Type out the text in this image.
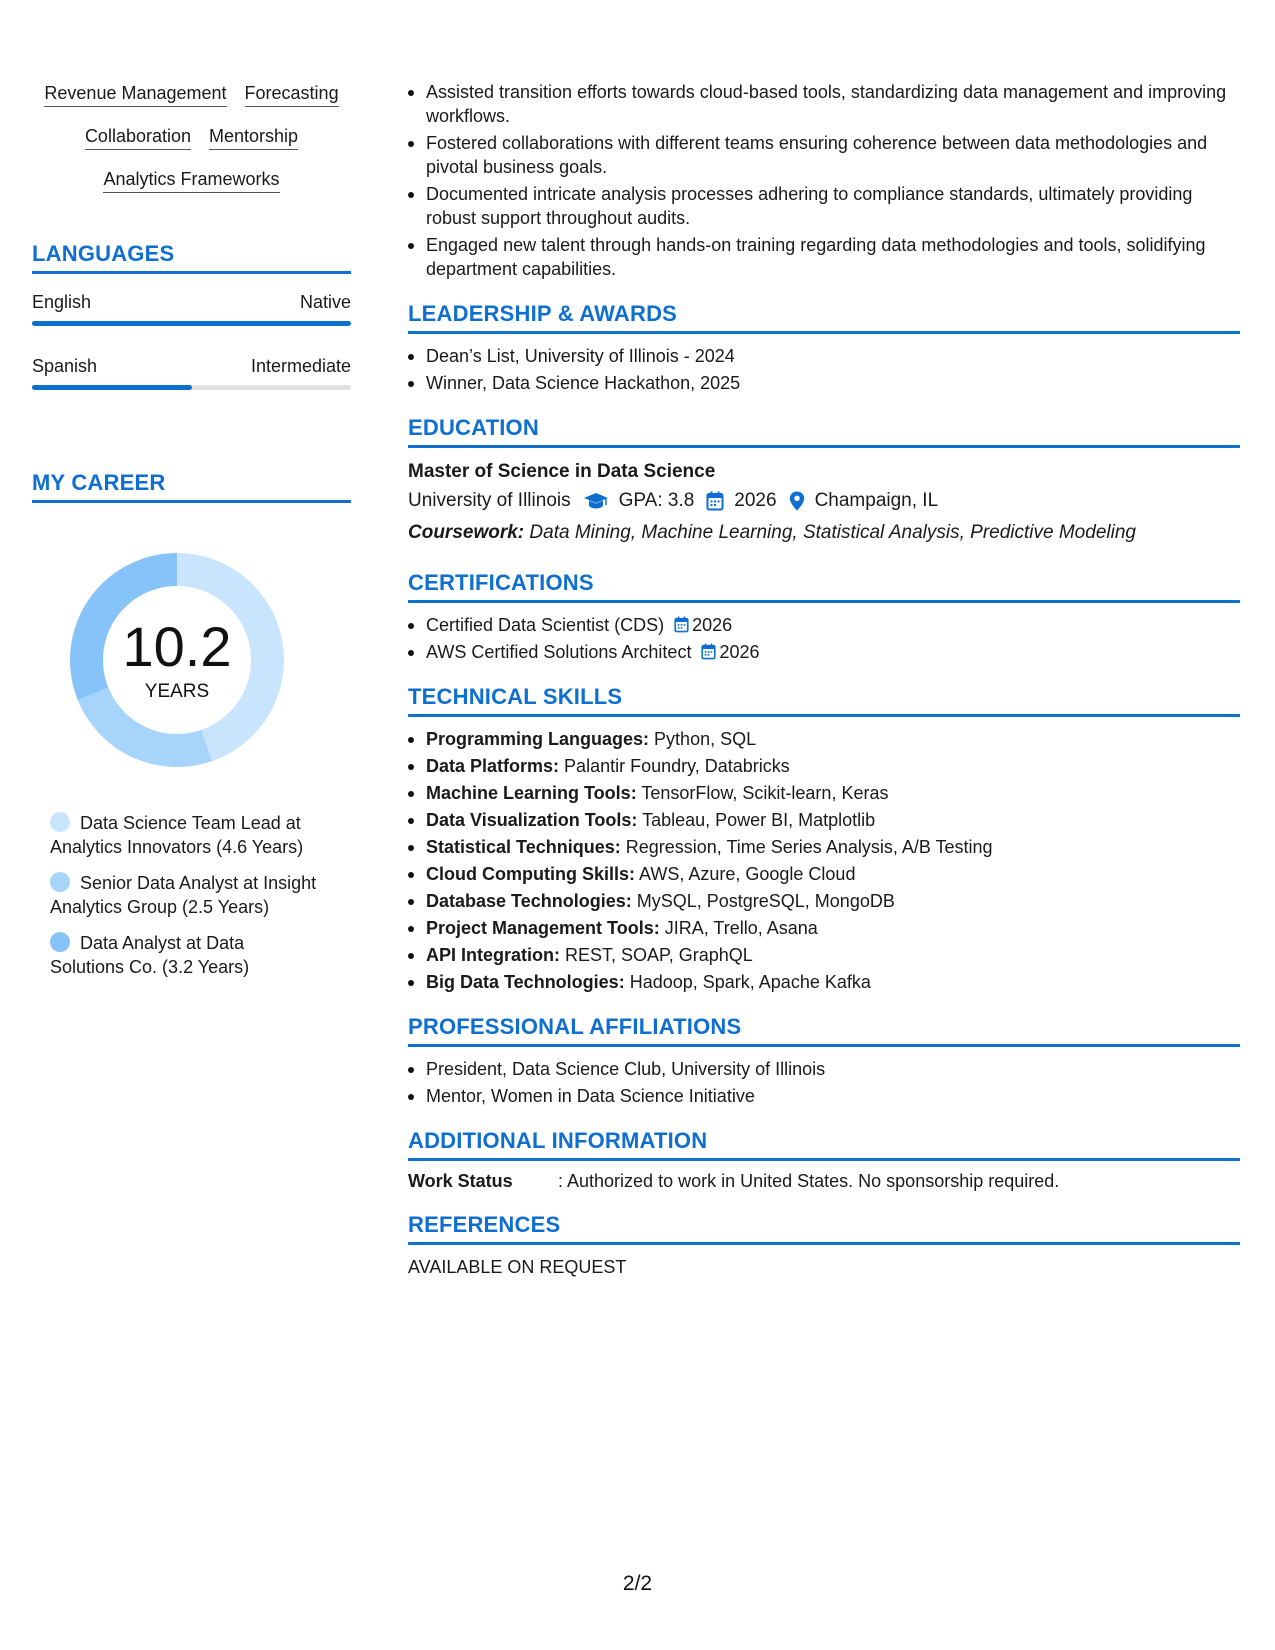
Revenue Management Forecasting
Collaboration Mentorship
Analytics Frameworks
LANGUAGES
English	Native
Spanish	Intermediate
MY CAREER
10.2
YEARS
Data Science Team Lead at Analytics Innovators (4.6 Years)
Senior Data Analyst at Insight Analytics Group (2.5 Years)
Data Analyst at Data Solutions Co. (3.2 Years)
Assisted transition efforts towards cloud-based tools, standardizing data management and improving workflows.
Fostered collaborations with different teams ensuring coherence between data methodologies and pivotal business goals.
Documented intricate analysis processes adhering to compliance standards, ultimately providing robust support throughout audits.
Engaged new talent through hands-on training regarding data methodologies and tools, solidifying department capabilities.
LEADERSHIP & AWARDS
Dean’s List, University of Illinois - 2024
Winner, Data Science Hackathon, 2025
EDUCATION
Master of Science in Data Science
University of Illinois	GPA: 3.8 2026 Champaign, IL
Coursework: Data Mining, Machine Learning, Statistical Analysis, Predictive Modeling
CERTIFICATIONS
Certified Data Scientist (CDS) 2026
AWS Certified Solutions Architect 2026
TECHNICAL SKILLS
Programming Languages: Python, SQL
Data Platforms: Palantir Foundry, Databricks
Machine Learning Tools: TensorFlow, Scikit-learn, Keras
Data Visualization Tools: Tableau, Power BI, Matplotlib
Statistical Techniques: Regression, Time Series Analysis, A/B Testing
Cloud Computing Skills: AWS, Azure, Google Cloud
Database Technologies: MySQL, PostgreSQL, MongoDB
Project Management Tools: JIRA, Trello, Asana
API Integration: REST, SOAP, GraphQL
Big Data Technologies: Hadoop, Spark, Apache Kafka
PROFESSIONAL AFFILIATIONS
President, Data Science Club, University of Illinois
Mentor, Women in Data Science Initiative
ADDITIONAL INFORMATION
Work Status	: Authorized to work in United States. No sponsorship required.
REFERENCES
AVAILABLE ON REQUEST
2/2
